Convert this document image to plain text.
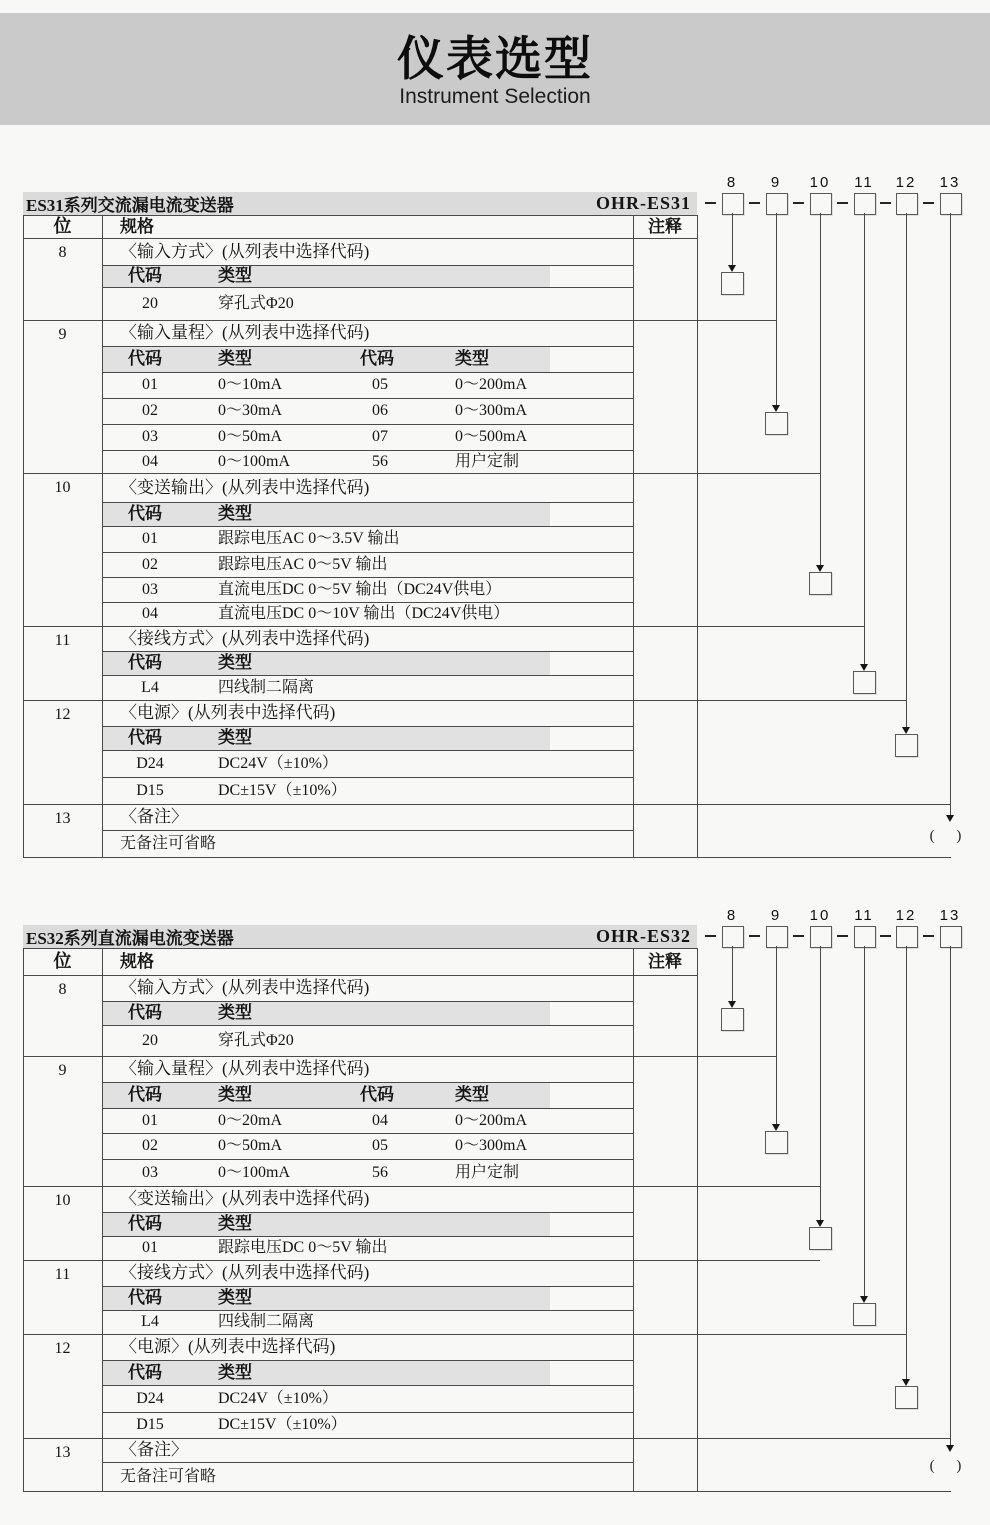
仪表选型
Instrument Selection
ES31系列交流漏电流变送器	OHR-ES31
位	规格	注释
8	〈输入方式〉(从列表中选择代码)
代码	类型
20	穿孔式Φ20
9	〈输入量程〉(从列表中选择代码)
代码	类型	代码	类型
01	0～10mA	05	0～200mA
02	0～30mA	06	0～300mA
03	0～50mA	07	0～500mA
04	0～100mA	56	用户定制
10	〈变送输出〉(从列表中选择代码)
代码	类型
01	跟踪电压AC 0～3.5V 输出
02	跟踪电压AC 0～5V 输出
03	直流电压DC 0～5V 输出（DC24V供电）
04	直流电压DC 0～10V 输出（DC24V供电）
11	〈接线方式〉(从列表中选择代码)
代码	类型
L4	四线制二隔离
12	〈电源〉(从列表中选择代码)
代码	类型
D24	DC24V（±10%）
D15	DC±15V（±10%）
13	〈备注〉
无备注可省略
8	9	10	11	12	13
( )
ES32系列直流漏电流变送器	OHR-ES32
位	规格	注释
8	〈输入方式〉(从列表中选择代码)
代码	类型
20	穿孔式Φ20
9	〈输入量程〉(从列表中选择代码)
代码	类型	代码	类型
01	0～20mA	04	0～200mA
02	0～50mA	05	0～300mA
03	0～100mA	56	用户定制
10	〈变送输出〉(从列表中选择代码)
代码	类型
01	跟踪电压DC 0～5V 输出
11	〈接线方式〉(从列表中选择代码)
代码	类型
L4	四线制二隔离
12	〈电源〉(从列表中选择代码)
代码	类型
D24	DC24V（±10%）
D15	DC±15V（±10%）
13	〈备注〉
无备注可省略
8	9	10	11	12	13
( )
